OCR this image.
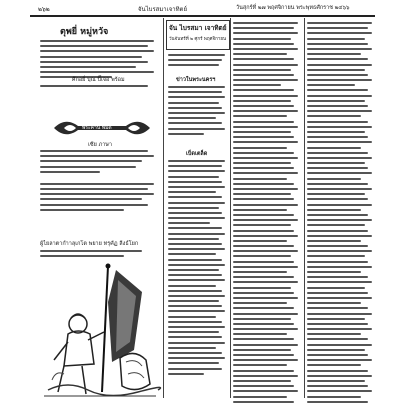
๒๖๒	จันไบรสมาเจาทิตย์	วันสุกร์ที่ ๒๗ พฤศจิกายน พระพุทธศักราช ๒๔๖๖
ตุพยี่ หมู่หวัจ
ศึกอยี่ บฺณ ปี๊เจอ พร้อม
พระคาน พมด
เซีย ภาษา
ผู้ไยลาตากำาลุเกโต พยาย ทรุคัฏ ลีงธ์โยก
จัน ไบรสมา เจาทิตย์
วันจันทร์ที่ ๒ ศุกร์ พฤศจิกายน
ข่าวในพระนครฯ
เบ็ดเตล็ด
